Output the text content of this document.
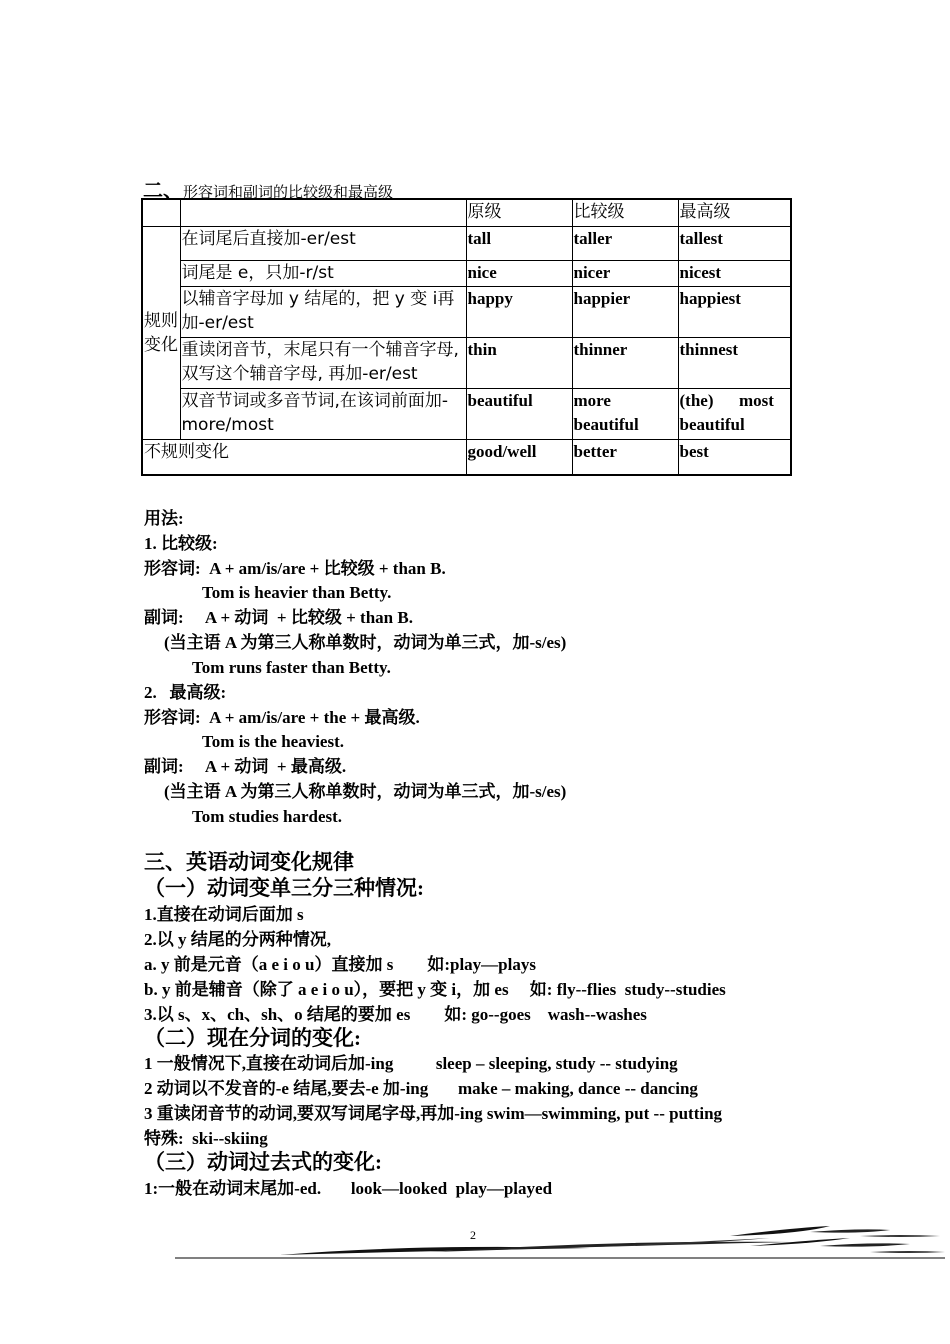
二、形容词和副词的比较级和最高级
		原级	比较级	最高级
规则变化	在词尾后直接加-er/est	tall	taller	tallest
	词尾是 e，只加-r/st	nice	nicer	nicest
	以辅音字母加 y 结尾的，把 y 变 i再加-er/est	happy	happier	happiest
	重读闭音节，末尾只有一个辅音字母, 双写这个辅音字母, 再加-er/est	thin	thinner	thinnest
	双音节词或多音节词,在该词前面加-more/most	beautiful	more beautiful	(the)      most beautiful
不规则变化		good/well	better	best
用法:
1. 比较级:
形容词:  A + am/is/are + 比较级 + than B.
Tom is heavier than Betty.
副词:     A + 动词  + 比较级 + than B.
(当主语 A 为第三人称单数时，动词为单三式，加-s/es)
Tom runs faster than Betty.
2.   最高级:
形容词:  A + am/is/are + the + 最高级.
Tom is the heaviest.
副词:     A + 动词  + 最高级.
(当主语 A 为第三人称单数时，动词为单三式，加-s/es)
Tom studies hardest.
三、英语动词变化规律
（一）动词变单三分三种情况:
1.直接在动词后面加 s
2.以 y 结尾的分两种情况,
a. y 前是元音（a e i o u）直接加 s        如:play—plays
b. y 前是辅音（除了 a e i o u），要把 y 变 i，加 es     如: fly--flies  study--studies
3.以 s、x、ch、sh、o 结尾的要加 es        如: go--goes    wash--washes
（二）现在分词的变化:
1 一般情况下,直接在动词后加-ing          sleep – sleeping, study -- studying
2 动词以不发音的-e 结尾,要去-e 加-ing       make – making, dance -- dancing
3 重读闭音节的动词,要双写词尾字母,再加-ing swim—swimming, put -- putting
特殊:  ski--skiing
（三）动词过去式的变化:
1:一般在动词末尾加-ed.       look—looked  play—played
2
